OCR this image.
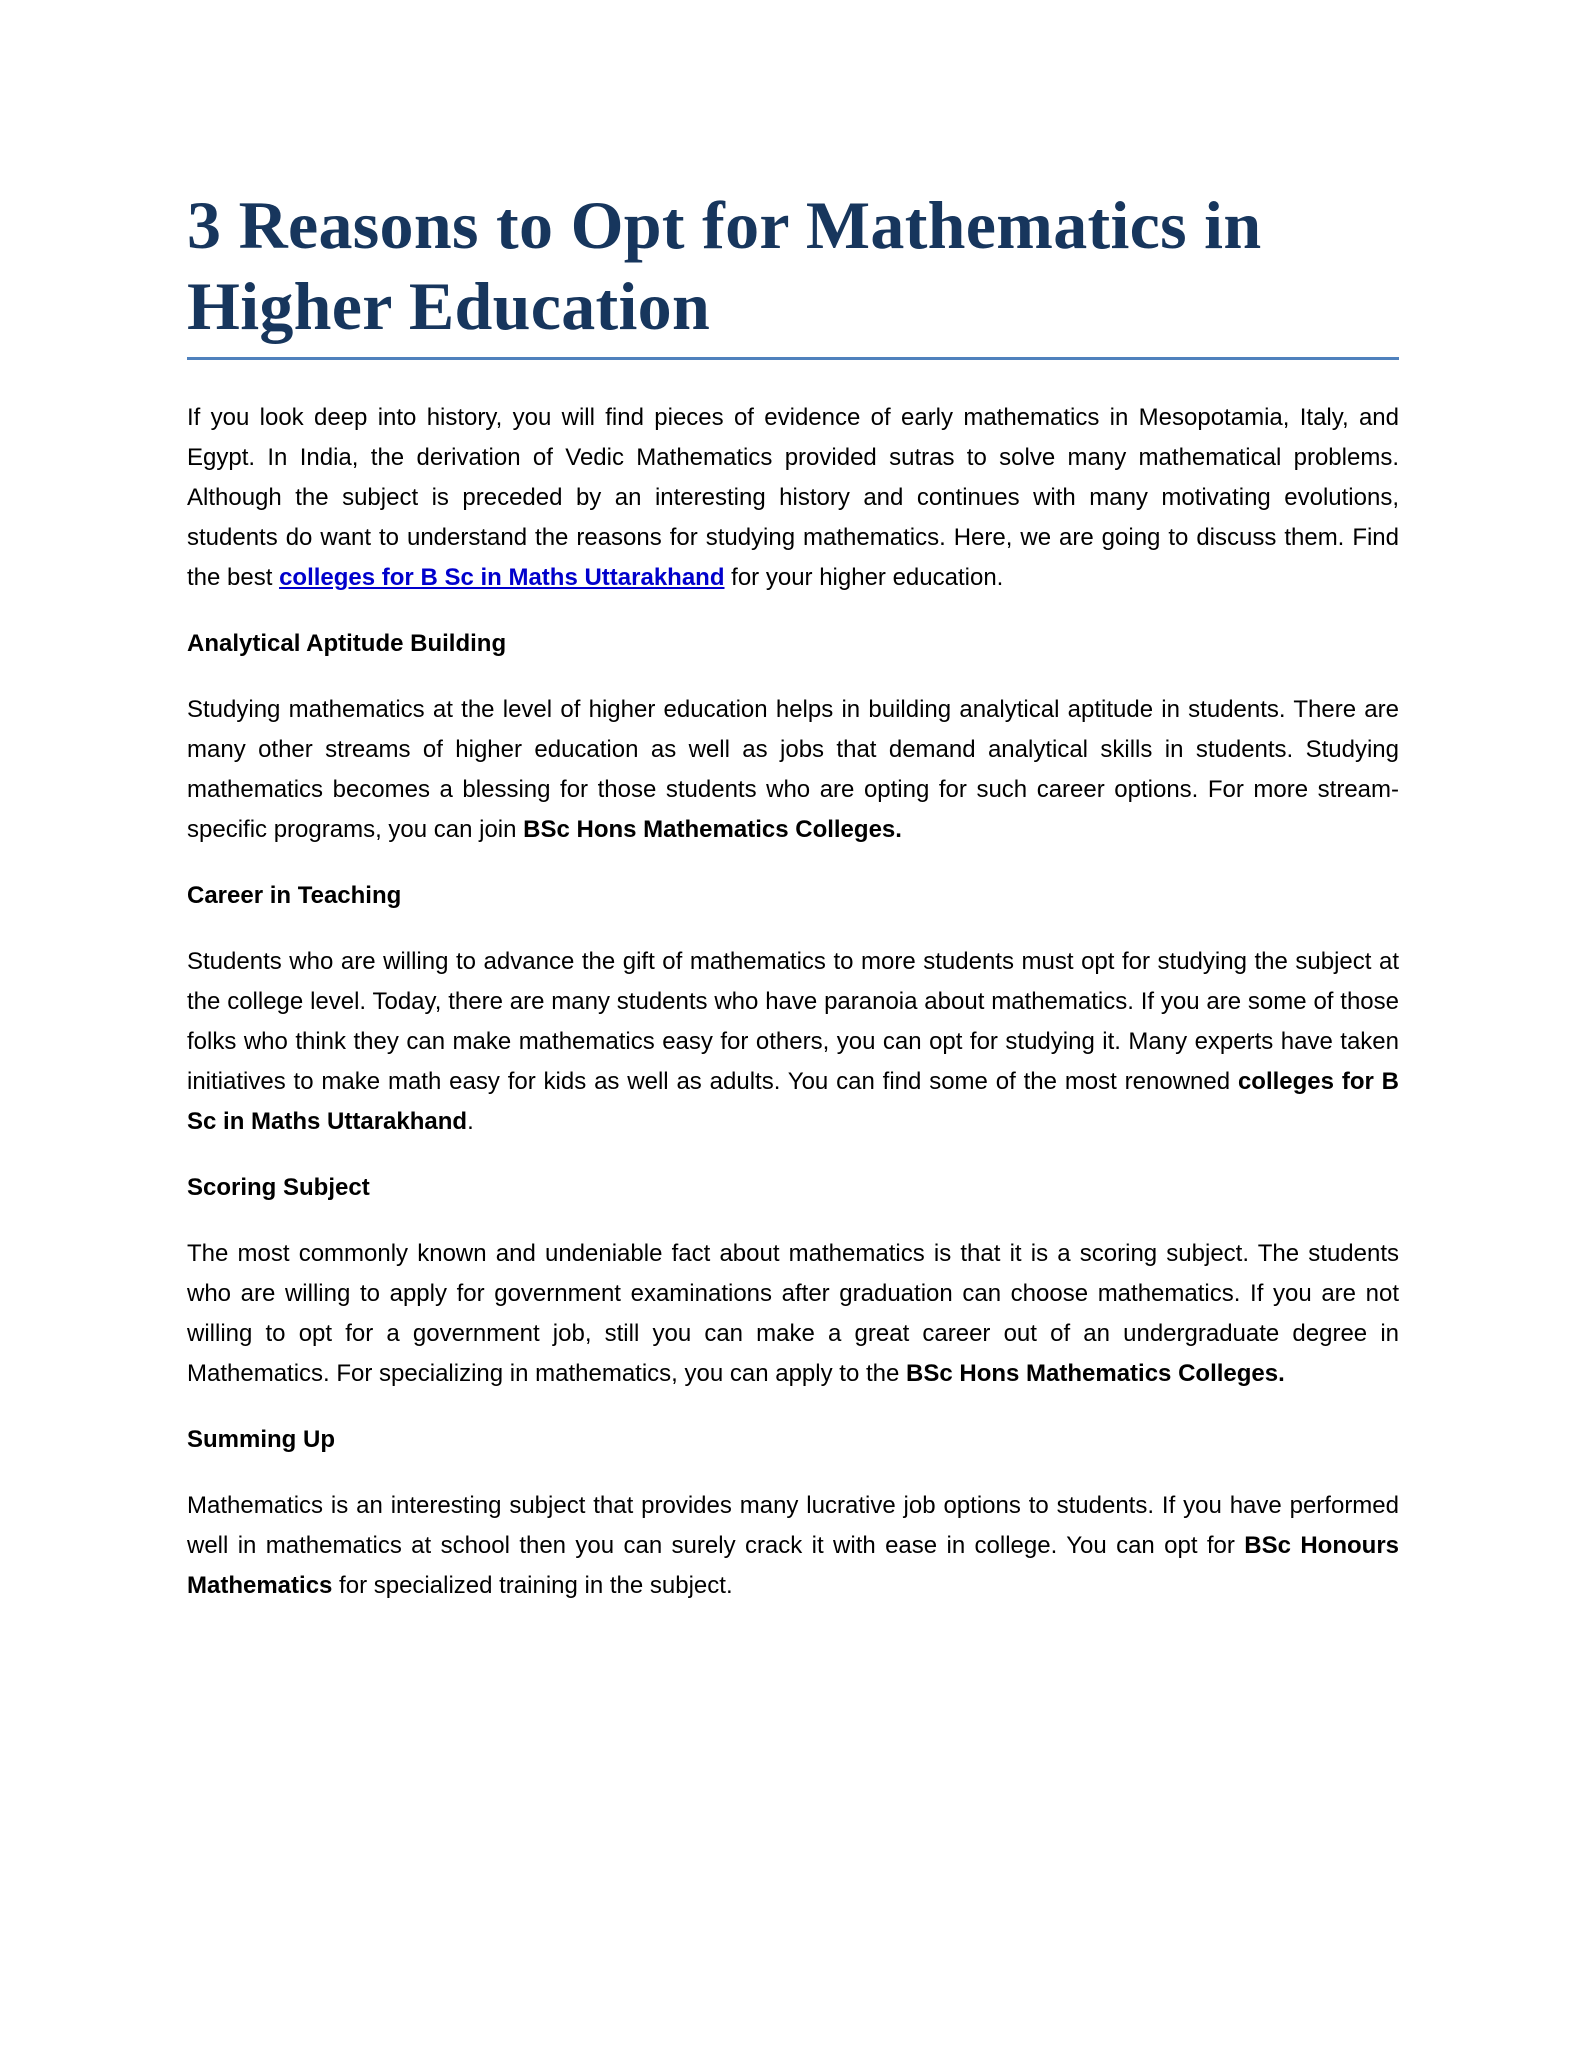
3 Reasons to Opt for Mathematics in Higher Education

If you look deep into history, you will find pieces of evidence of early mathematics in Mesopotamia, Italy, and Egypt. In India, the derivation of Vedic Mathematics provided sutras to solve many mathematical problems. Although the subject is preceded by an interesting history and continues with many motivating evolutions, students do want to understand the reasons for studying mathematics. Here, we are going to discuss them. Find the best colleges for B Sc in Maths Uttarakhand for your higher education.

Analytical Aptitude Building

Studying mathematics at the level of higher education helps in building analytical aptitude in students. There are many other streams of higher education as well as jobs that demand analytical skills in students. Studying mathematics becomes a blessing for those students who are opting for such career options. For more stream-specific programs, you can join BSc Hons Mathematics Colleges.

Career in Teaching

Students who are willing to advance the gift of mathematics to more students must opt for studying the subject at the college level. Today, there are many students who have paranoia about mathematics. If you are some of those folks who think they can make mathematics easy for others, you can opt for studying it. Many experts have taken initiatives to make math easy for kids as well as adults. You can find some of the most renowned colleges for B Sc in Maths Uttarakhand.

Scoring Subject

The most commonly known and undeniable fact about mathematics is that it is a scoring subject. The students who are willing to apply for government examinations after graduation can choose mathematics. If you are not willing to opt for a government job, still you can make a great career out of an undergraduate degree in Mathematics. For specializing in mathematics, you can apply to the BSc Hons Mathematics Colleges.

Summing Up

Mathematics is an interesting subject that provides many lucrative job options to students. If you have performed well in mathematics at school then you can surely crack it with ease in college. You can opt for BSc Honours Mathematics for specialized training in the subject.
